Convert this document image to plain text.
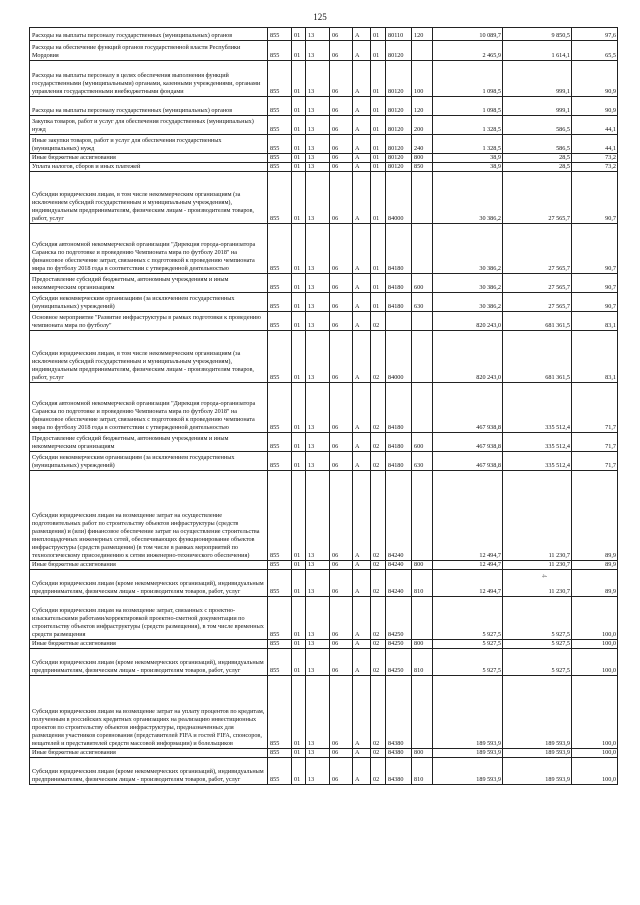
125
Расходы на выплаты персоналу государственных (муниципальных) органов	855	01	13	06	А	01	80110	120	10 089,7	9 850,5	97,6
Расходы на обеспечение функций органов государственной власти Республики Мордовия	855	01	13	06	А	01	80120		2 465,9	1 614,1	65,5
Расходы на выплаты персоналу в целях обеспечения выполнения функций государственными (муниципальными) органами, казенными учреждениями, органами управления государственными внебюджетными фондами	855	01	13	06	А	01	80120	100	1 098,5	999,1	90,9
Расходы на выплаты персоналу государственных (муниципальных) органов	855	01	13	06	А	01	80120	120	1 098,5	999,1	90,9
Закупка товаров, работ и услуг для обеспечения государственных (муниципальных) нужд	855	01	13	06	А	01	80120	200	1 328,5	586,5	44,1
Иные закупки товаров, работ и услуг для обеспечения государственных (муниципальных) нужд	855	01	13	06	А	01	80120	240	1 328,5	586,5	44,1
Иные бюджетные ассигнования	855	01	13	06	А	01	80120	800	38,9	28,5	73,2
Уплата налогов, сборов и иных платежей	855	01	13	06	А	01	80120	850	38,9	28,5	73,2
Субсидии юридическим лицам, в том числе некоммерческим организациям (за исключением субсидий государственным и муниципальным учреждениям), индивидуальным предпринимателям, физическим лицам - производителям товаров, работ, услуг	855	01	13	06	А	01	84000		30 386,2	27 565,7	90,7
Субсидия автономной некоммерческой организации "Дирекция города-организатора Саранска по подготовке и проведению Чемпионата мира по футболу 2018" на финансовое обеспечение затрат, связанных с подготовкой к проведению чемпионата мира по футболу 2018 года в соответствии с утвержденной деятельностью	855	01	13	06	А	01	84180		30 386,2	27 565,7	90,7
Предоставление субсидий бюджетным, автономным учреждениям и иным некоммерческим организациям	855	01	13	06	А	01	84180	600	30 386,2	27 565,7	90,7
Субсидии некоммерческим организациям (за исключением государственных (муниципальных) учреждений)	855	01	13	06	А	01	84180	630	30 386,2	27 565,7	90,7
Основное мероприятие "Развитие инфраструктуры в рамках подготовки к проведению чемпионата мира по футболу"	855	01	13	06	А	02			820 243,0	681 361,5	83,1
Субсидии юридическим лицам, в том числе некоммерческим организациям (за исключением субсидий государственным и муниципальным учреждениям), индивидуальным предпринимателям, физическим лицам - производителям товаров, работ, услуг	855	01	13	06	А	02	84000		820 243,0	681 361,5	83,1
Субсидия автономной некоммерческой организации "Дирекция города-организатора Саранска по подготовке и проведению Чемпионата мира по футболу 2018" на финансовое обеспечение затрат, связанных с подготовкой к проведению чемпионата мира по футболу 2018 года в соответствии с утвержденной деятельностью	855	01	13	06	А	02	84180		467 938,8	335 512,4	71,7
Предоставление субсидий бюджетным, автономным учреждениям и иным некоммерческим организациям	855	01	13	06	А	02	84180	600	467 938,8	335 512,4	71,7
Субсидии некоммерческим организациям (за исключением государственных (муниципальных) учреждений)	855	01	13	06	А	02	84180	630	467 938,8	335 512,4	71,7
Субсидии юридическим лицам на возмещение затрат на осуществление подготовительных работ по строительству объектов инфраструктуры (средств размещения) и (или) финансовое обеспечение затрат на осуществление строительства внеплощадочных инженерных сетей, обеспечивающих функционирование объектов инфраструктуры (средств размещения) (в том числе в рамках мероприятий по технологическому присоединению к сетям инженерно-технического обеспечения)	855	01	13	06	А	02	84240		12 494,7	11 230,7	89,9
Иные бюджетные ассигнования	855	01	13	06	А	02	84240	800	12 494,7	11 230,7	89,9
Субсидии юридическим лицам (кроме некоммерческих организаций), индивидуальным предпринимателям, физическим лицам - производителям товаров, работ, услуг	855	01	13	06	А	02	84240	810	12 494,7	11 230,7	89,9
Субсидии юридическим лицам на возмещение затрат, связанных с проектно-изыскательскими работами/корректировкой проектно-сметной документации по строительству объектов инфраструктуры (средств размещения), в том числе временных средств размещения	855	01	13	06	А	02	84250		5 927,5	5 927,5	100,0
Иные бюджетные ассигнования	855	01	13	06	А	02	84250	800	5 927,5	5 927,5	100,0
Субсидии юридическим лицам (кроме некоммерческих организаций), индивидуальным предпринимателям, физическим лицам - производителям товаров, работ, услуг	855	01	13	06	А	02	84250	810	5 927,5	5 927,5	100,0
Субсидии юридическим лицам на возмещение затрат на уплату процентов по кредитам, полученным в российских кредитных организациях на реализацию инвестиционных проектов по строительству объектов инфраструктуры, предназначенных для размещения участников соревнования (представителей FIFA и гостей FIFA, спонсоров, вещателей и представителей средств массовой информации) и болельщиков	855	01	13	06	А	02	84380		189 593,9	189 593,9	100,0
Иные бюджетные ассигнования	855	01	13	06	А	02	84380	800	189 593,9	189 593,9	100,0
Субсидии юридическим лицам (кроме некоммерческих организаций), индивидуальным предпринимателям, физическим лицам - производителям товаров, работ, услуг	855	01	13	06	А	02	84380	810	189 593,9	189 593,9	100,0
4
